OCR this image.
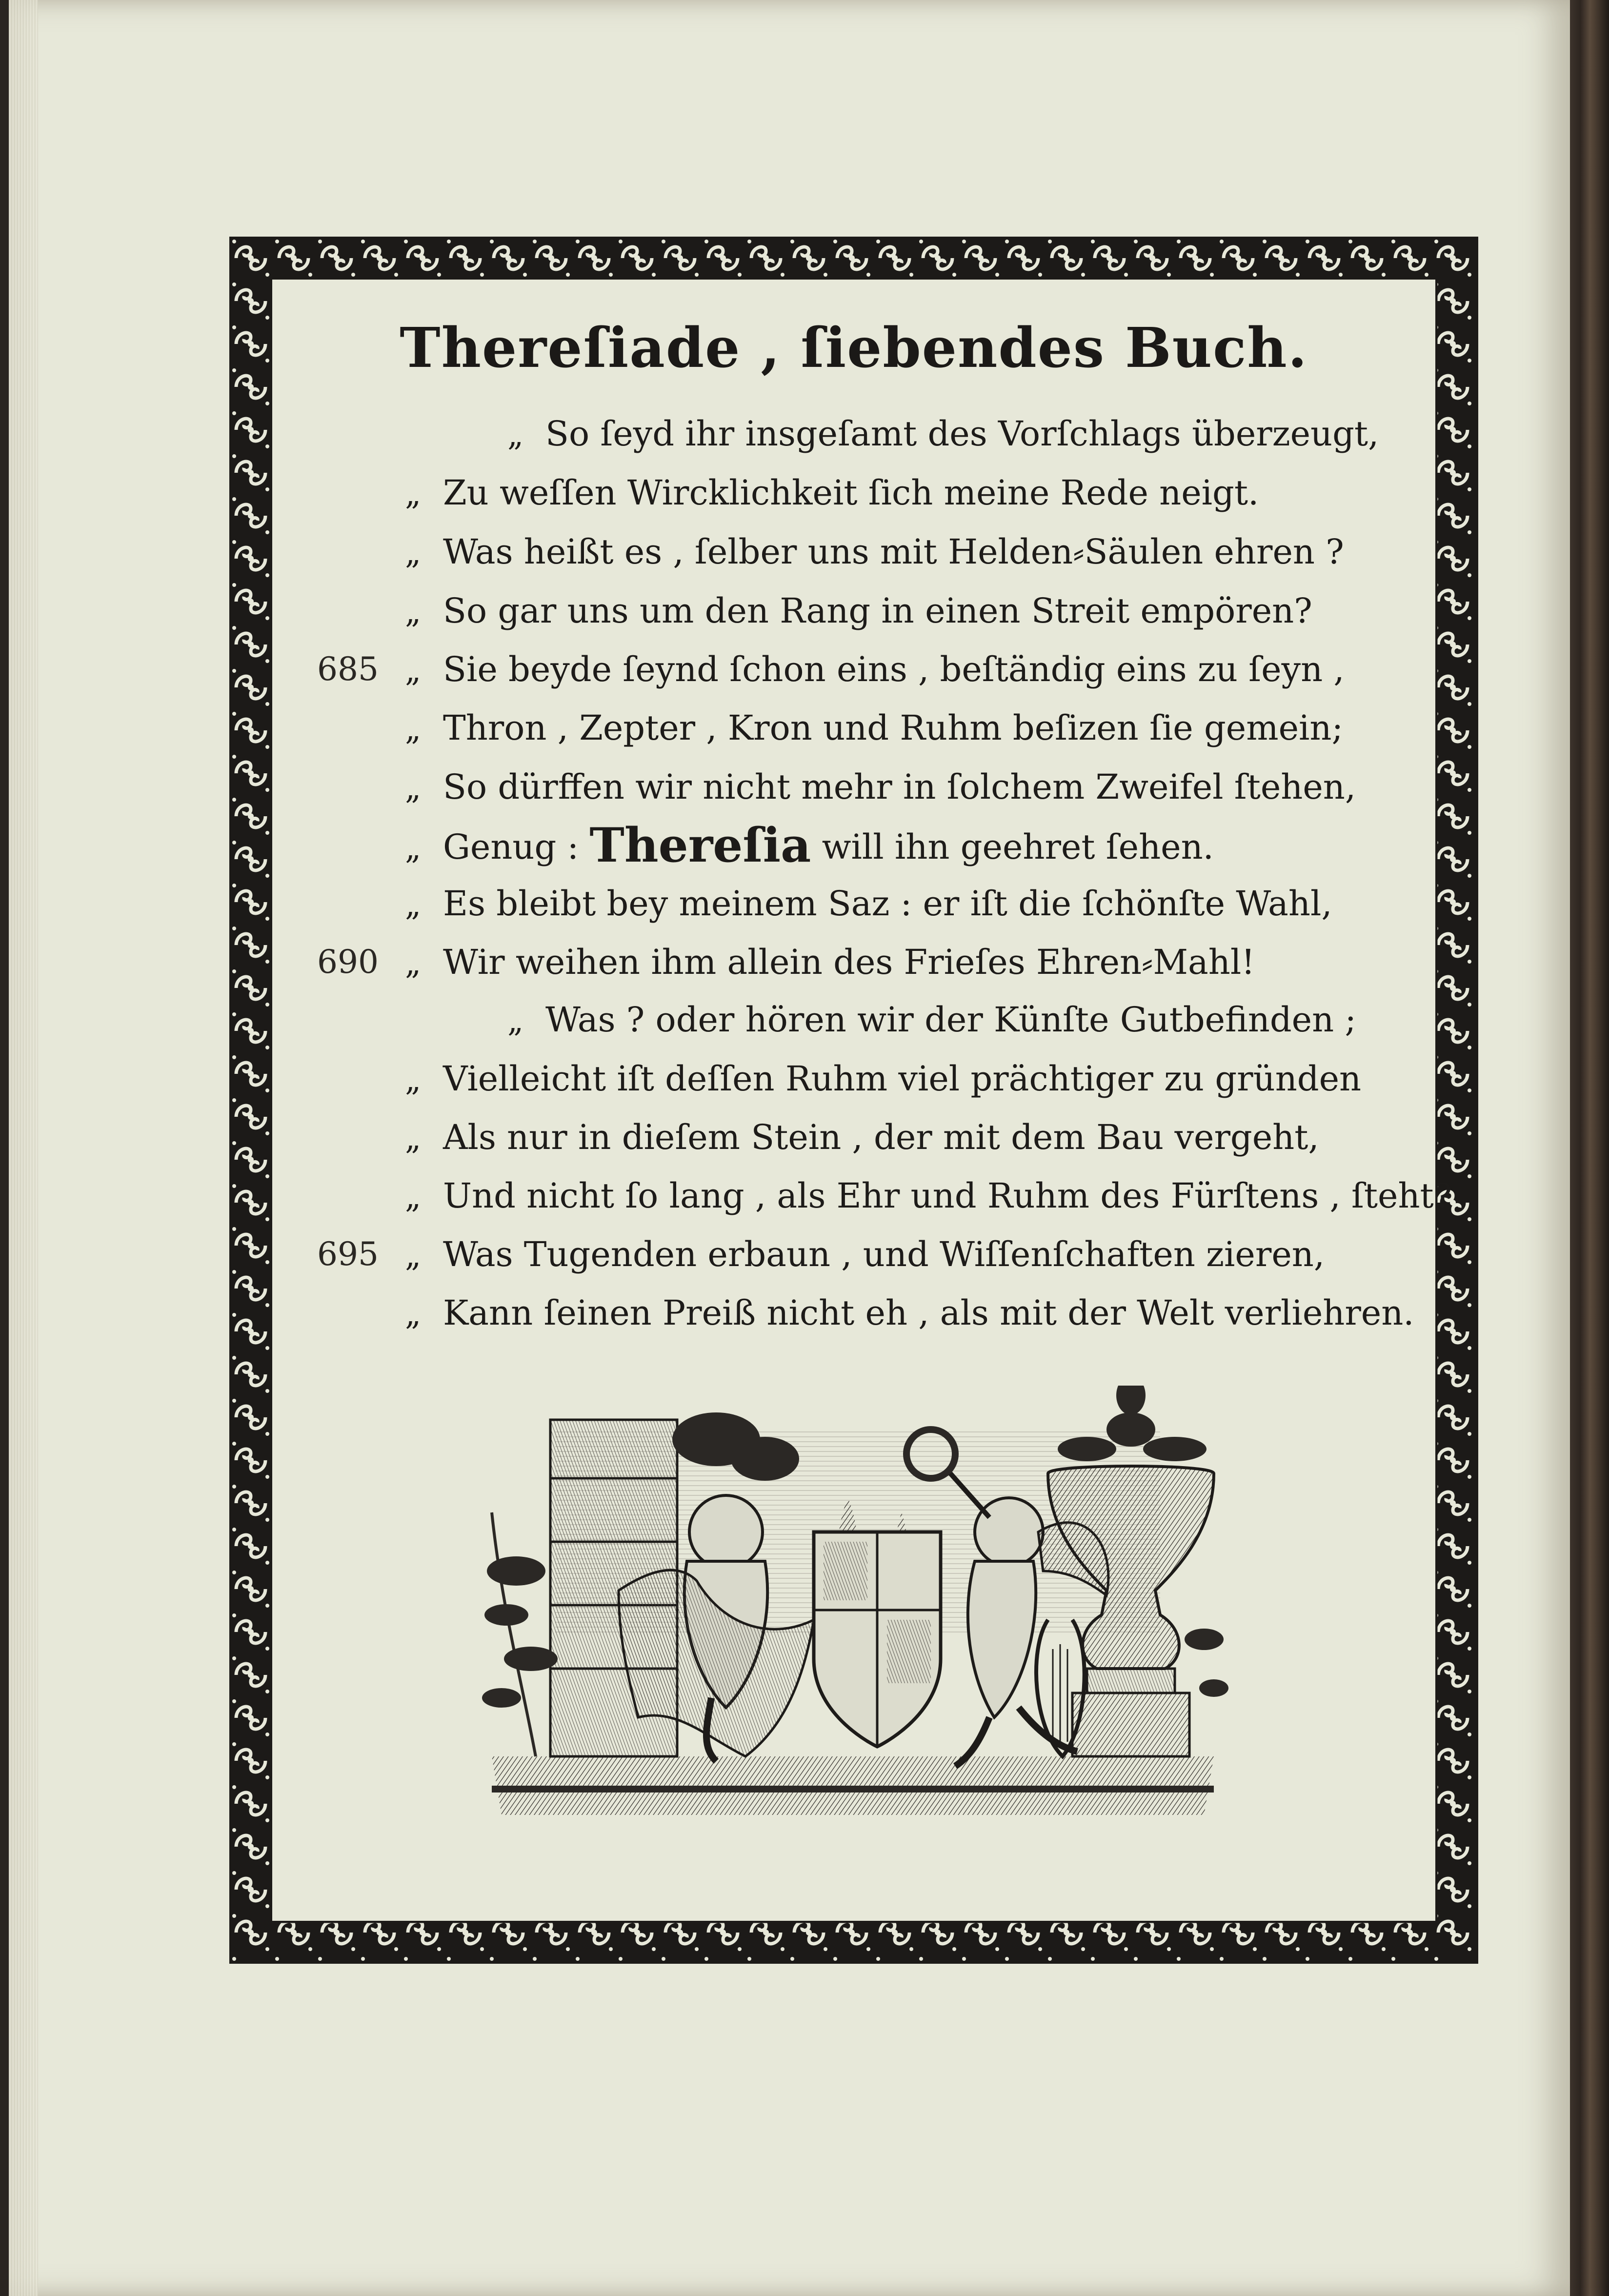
Thereſiade , ſiebendes Buch.
„So ſeyd ihr insgeſamt des Vorſchlags überzeugt,
„Zu weſſen Wircklichkeit ſich meine Rede neigt.
„Was heißt es , ſelber uns mit Helden⸗Säulen ehren ?
„So gar uns um den Rang in einen Streit empören?
„Sie beyde ſeynd ſchon eins , beſtändig eins zu ſeyn ,
685
„Thron , Zepter , Kron und Ruhm beſizen ſie gemein;
„So dürffen wir nicht mehr in ſolchem Zweifel ſtehen,
„Genug : Thereſia will ihn geehret ſehen.
„Es bleibt bey meinem Saz : er iſt die ſchönſte Wahl,
„Wir weihen ihm allein des Frieſes Ehren⸗Mahl!
690
„Was ? oder hören wir der Künſte Gutbefinden ;
„Vielleicht iſt deſſen Ruhm viel prächtiger zu gründen
„Als nur in dieſem Stein , der mit dem Bau vergeht,
„Und nicht ſo lang , als Ehr und Ruhm des Fürſtens , ſteht?
„Was Tugenden erbaun , und Wiſſenſchaften zieren,
695
„Kann ſeinen Preiß nicht eh , als mit der Welt verliehren.
